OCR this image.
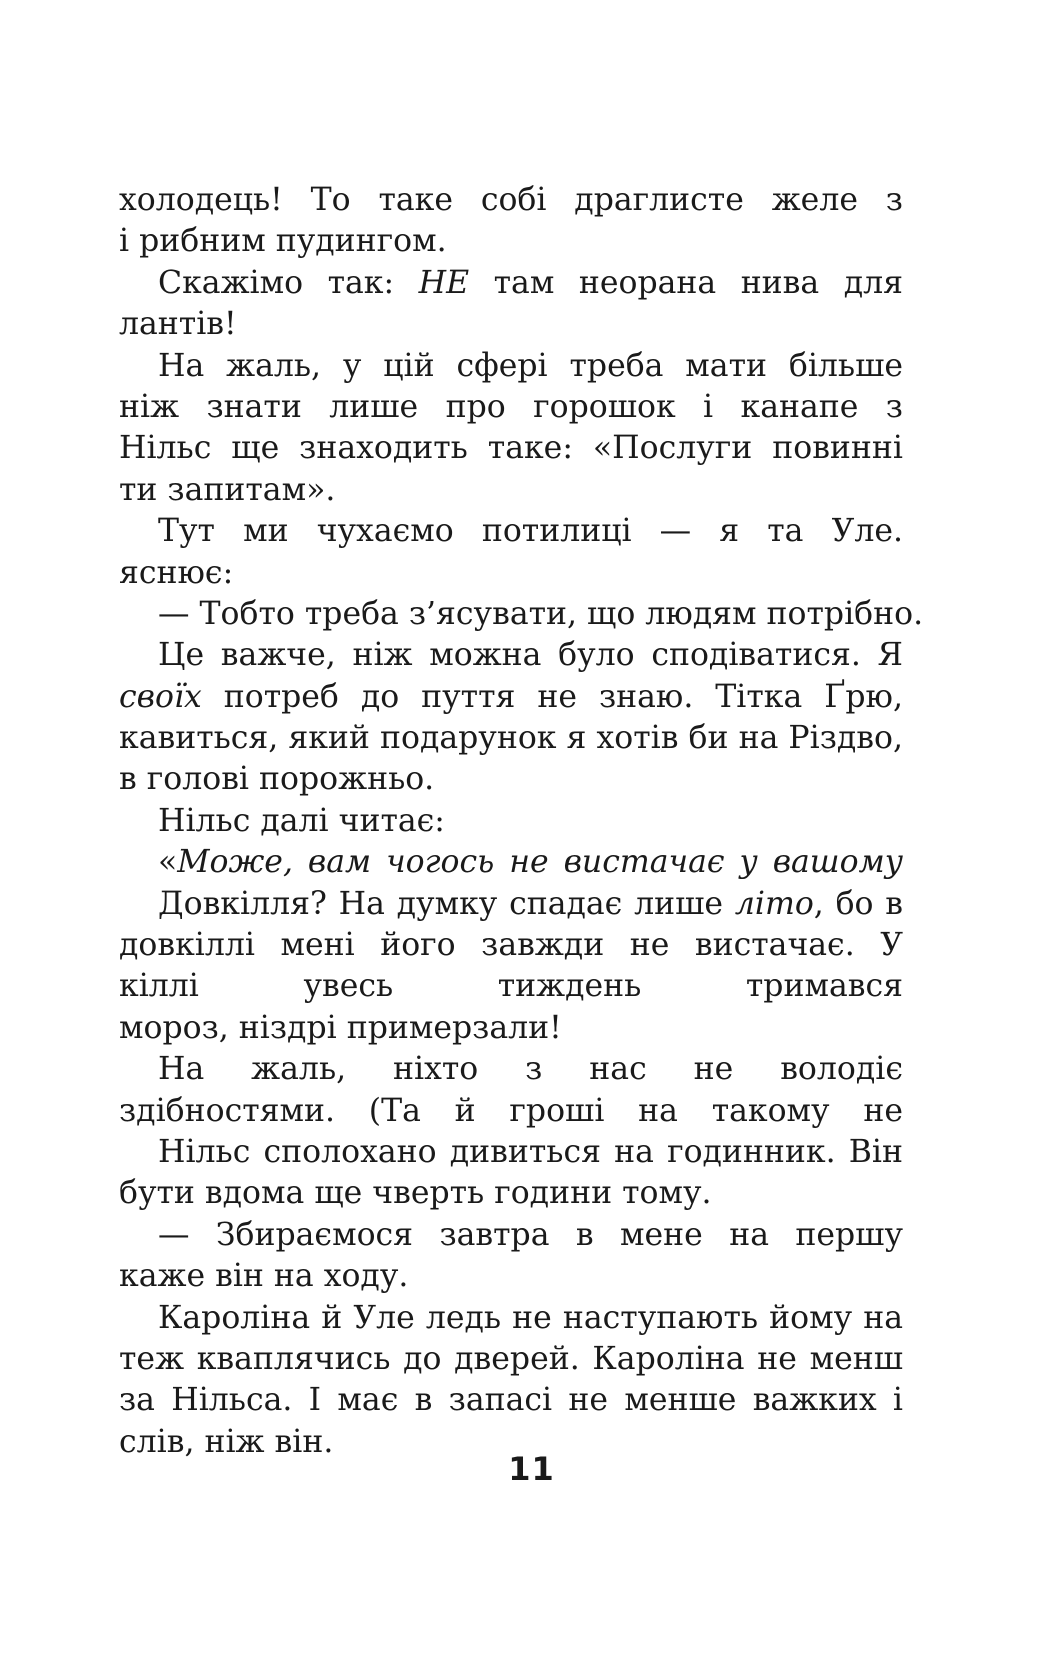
холодець! То таке собі драглисте желе з
і рибним пудингом.
Скажімо так: НЕ там неорана нива для
лантів!
На жаль, у цій сфері треба мати більше
ніж знати лише про горошок і канапе з
Нільс ще знаходить таке: «Послуги повинні
ти запитам».
Тут ми чухаємо потилиці — я та Уле.
яснює:
— Тобто треба з’ясувати, що людям потрібно.
Це важче, ніж можна було сподіватися. Я
своїх потреб до пуття не знаю. Тітка Ґрю,
кавиться, який подарунок я хотів би на Різдво,
в голові порожньо.
Нільс далі читає:
«Може, вам чогось не вистачає у вашому
Довкілля? На думку спадає лише літо, бо в
довкіллі мені його завжди не вистачає. У
кіллі увесь тиждень тримався
мороз, ніздрі примерзали!
На жаль, ніхто з нас не володіє
здібностями. (Та й гроші на такому не
Нільс сполохано дивиться на годинник. Він
бути вдома ще чверть години тому.
— Збираємося завтра в мене на першу
каже він на ходу.
Кароліна й Уле ледь не наступають йому на
теж кваплячись до дверей. Кароліна не менш
за Нільса. І має в запасі не менше важких і
слів, ніж він.
11
